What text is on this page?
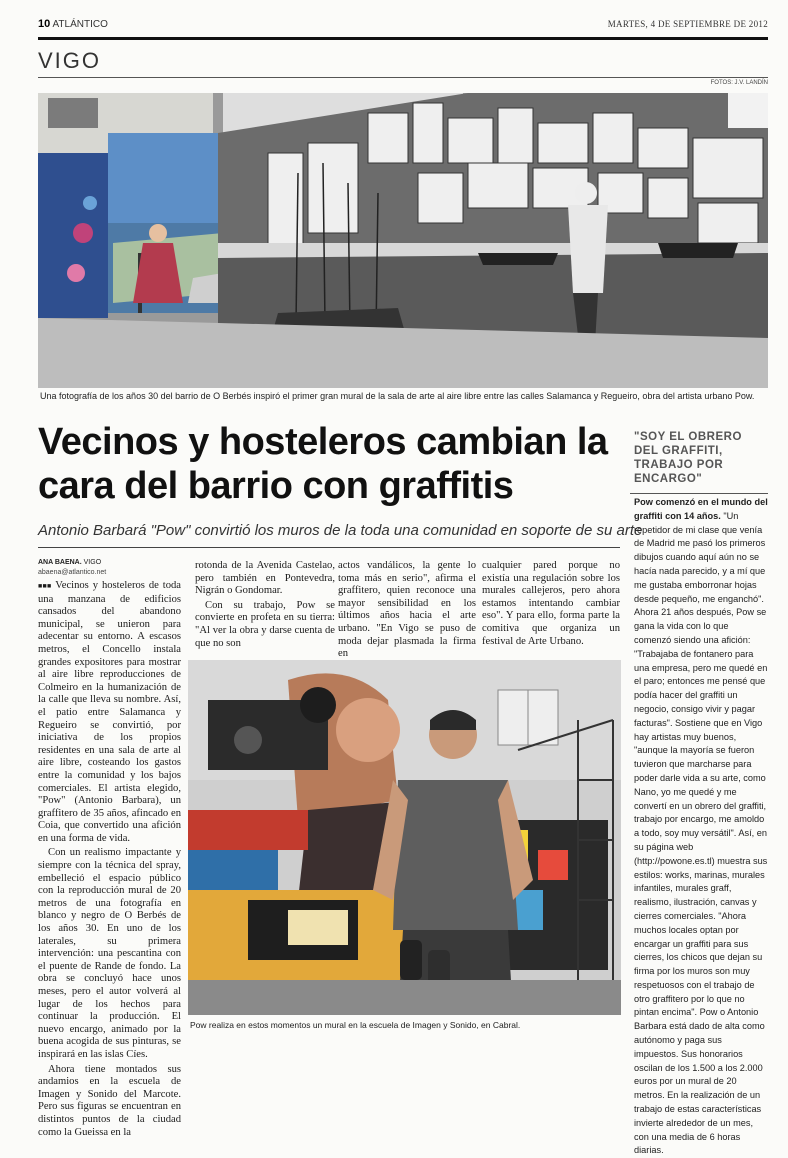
10 ATLÁNTICO	MARTES, 4 DE SEPTIEMBRE DE 2012
VIGO
FOTOS: J.V. LANDÍN
Una fotografía de los años 30 del barrio de O Berbés inspiró el primer gran mural de la sala de arte al aire libre entre las calles Salamanca y Regueiro, obra del artista urbano Pow.
Vecinos y hosteleros cambian la cara del barrio con graffitis
Antonio Barbará "Pow" convirtió los muros de la toda una comunidad en soporte de su arte
ANA BAENA. VIGO
abaena@atlantico.net

■■■ Vecinos y hosteleros de toda una manzana de edificios cansados del abandono municipal, se unieron para adecentar su entorno. A escasos metros, el Concello instala grandes expositores para mostrar al aire libre reproducciones de Colmeiro en la humanización de la calle que lleva su nombre. Así, el patio entre Salamanca y Regueiro se convirtió, por iniciativa de los propios residentes en una sala de arte al aire libre, costeando los gastos entre la comunidad y los bajos comerciales. El artista elegido, "Pow" (Antonio Barbara), un graffitero de 35 años, afincado en Coia, que convertido una afición en una forma de vida.

Con un realismo impactante y siempre con la técnica del spray, embelleció el espacio público con la reproducción mural de 20 metros de una fotografía en blanco y negro de O Berbés de los años 30. En uno de los laterales, su primera intervención: una pescantina con el puente de Rande de fondo. La obra se concluyó hace unos meses, pero el autor volverá al lugar de los hechos para continuar la producción. El nuevo encargo, animado por la buena acogida de sus pinturas, se inspirará en las islas Cíes.

Ahora tiene montados sus andamios en la escuela de Imagen y Sonido del Marcote. Pero sus figuras se encuentran en distintos puntos de la ciudad como la Gueissa en la

rotonda de la Avenida Castelao, pero también en Pontevedra, Nigrán o Gondomar.

Con su trabajo, Pow se convierte en profeta en su tierra: "Al ver la obra y darse cuenta de que no son

actos vandálicos, la gente lo toma más en serio", afirma el graffitero, quien reconoce una mayor sensibilidad en los últimos años hacia el arte urbano. "En Vigo se puso de moda dejar plasmada la firma en

cualquier pared porque no existía una regulación sobre los murales callejeros, pero ahora estamos intentando cambiar eso". Y para ello, forma parte la comitiva que organiza un festival de Arte Urbano.

Pow realiza en estos momentos un mural en la escuela de Imagen y Sonido, en Cabral.
"SOY EL OBRERO DEL GRAFFITI, TRABAJO POR ENCARGO"
Pow comenzó en el mundo del graffiti con 14 años. "Un repetidor de mi clase que venía de Madrid me pasó los primeros dibujos cuando aquí aún no se hacía nada parecido, y a mí que me gustaba emborronar hojas desde pequeño, me enganchó". Ahora 21 años después, Pow se gana la vida con lo que comenzó siendo una afición: "Trabajaba de fontanero para una empresa, pero me quedé en el paro; entonces me pensé que podía hacer del graffiti un negocio, consigo vivir y pagar facturas". Sostiene que en Vigo hay artistas muy buenos, "aunque la mayoría se fueron tuvieron que marcharse para poder darle vida a su arte, como Nano, yo me quedé y me convertí en un obrero del graffiti, trabajo por encargo, me amoldo a todo, soy muy versátil". Así, en su página web (http://powone.es.tl) muestra sus estilos: works, marinas, murales infantiles, murales graff, realismo, ilustración, canvas y cierres comerciales. "Ahora muchos locales optan por encargar un graffiti para sus cierres, los chicos que dejan su firma por los muros son muy respetuosos con el trabajo de otro graffitero por lo que no pintan encima". Pow o Antonio Barbara está dado de alta como autónomo y paga sus impuestos. Sus honorarios oscilan de los 1.500 a los 2.000 euros por un mural de 20 metros. En la realización de un trabajo de estas características invierte alrededor de un mes, con una media de 6 horas diarias.
